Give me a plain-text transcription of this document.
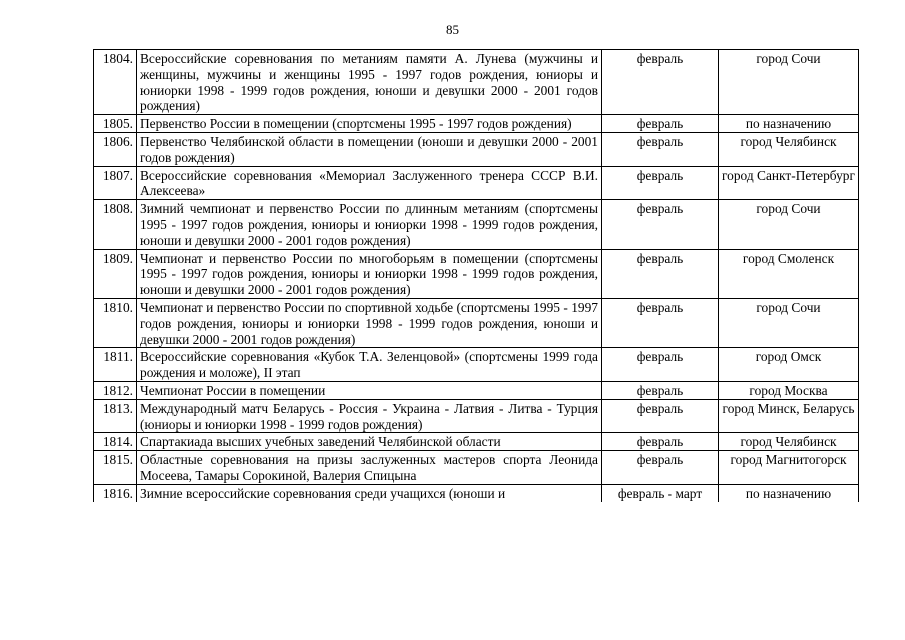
85
1804.	Всероссийские соревнования по метаниям памяти А. Лунева (мужчины и женщины, мужчины и женщины 1995 - 1997 годов рождения, юниоры и юниорки 1998 - 1999 годов рождения, юноши и девушки 2000 - 2001 годов рождения)	февраль	город Сочи
1805.	Первенство России в помещении (спортсмены 1995 - 1997 годов рождения)	февраль	по назначению
1806.	Первенство Челябинской области в помещении (юноши и девушки 2000 - 2001 годов рождения)	февраль	город Челябинск
1807.	Всероссийские соревнования «Мемориал Заслуженного тренера СССР В.И. Алексеева»	февраль	город Санкт-Петербург
1808.	Зимний чемпионат и первенство России по длинным метаниям (спортсмены 1995 - 1997 годов рождения, юниоры и юниорки 1998 - 1999 годов рождения, юноши и девушки 2000 - 2001 годов рождения)	февраль	город Сочи
1809.	Чемпионат и первенство России по многоборьям в помещении (спортсмены 1995 - 1997 годов рождения, юниоры и юниорки 1998 - 1999 годов рождения, юноши и девушки 2000 - 2001 годов рождения)	февраль	город Смоленск
1810.	Чемпионат и первенство России по спортивной ходьбе (спортсмены 1995 - 1997 годов рождения, юниоры и юниорки 1998 - 1999 годов рождения, юноши и девушки 2000 - 2001 годов рождения)	февраль	город Сочи
1811.	Всероссийские соревнования «Кубок Т.А. Зеленцовой» (спортсмены 1999 года рождения и моложе), II этап	февраль	город Омск
1812.	Чемпионат России в помещении	февраль	город Москва
1813.	Международный матч Беларусь - Россия - Украина - Латвия - Литва - Турция (юниоры и юниорки 1998 - 1999 годов рождения)	февраль	город Минск, Беларусь
1814.	Спартакиада высших учебных заведений Челябинской области	февраль	город Челябинск
1815.	Областные соревнования на призы заслуженных мастеров спорта Леонида Мосеева, Тамары Сорокиной, Валерия Спицына	февраль	город Магнитогорск
1816.	Зимние всероссийские соревнования среди учащихся (юноши и	февраль - март	по назначению
